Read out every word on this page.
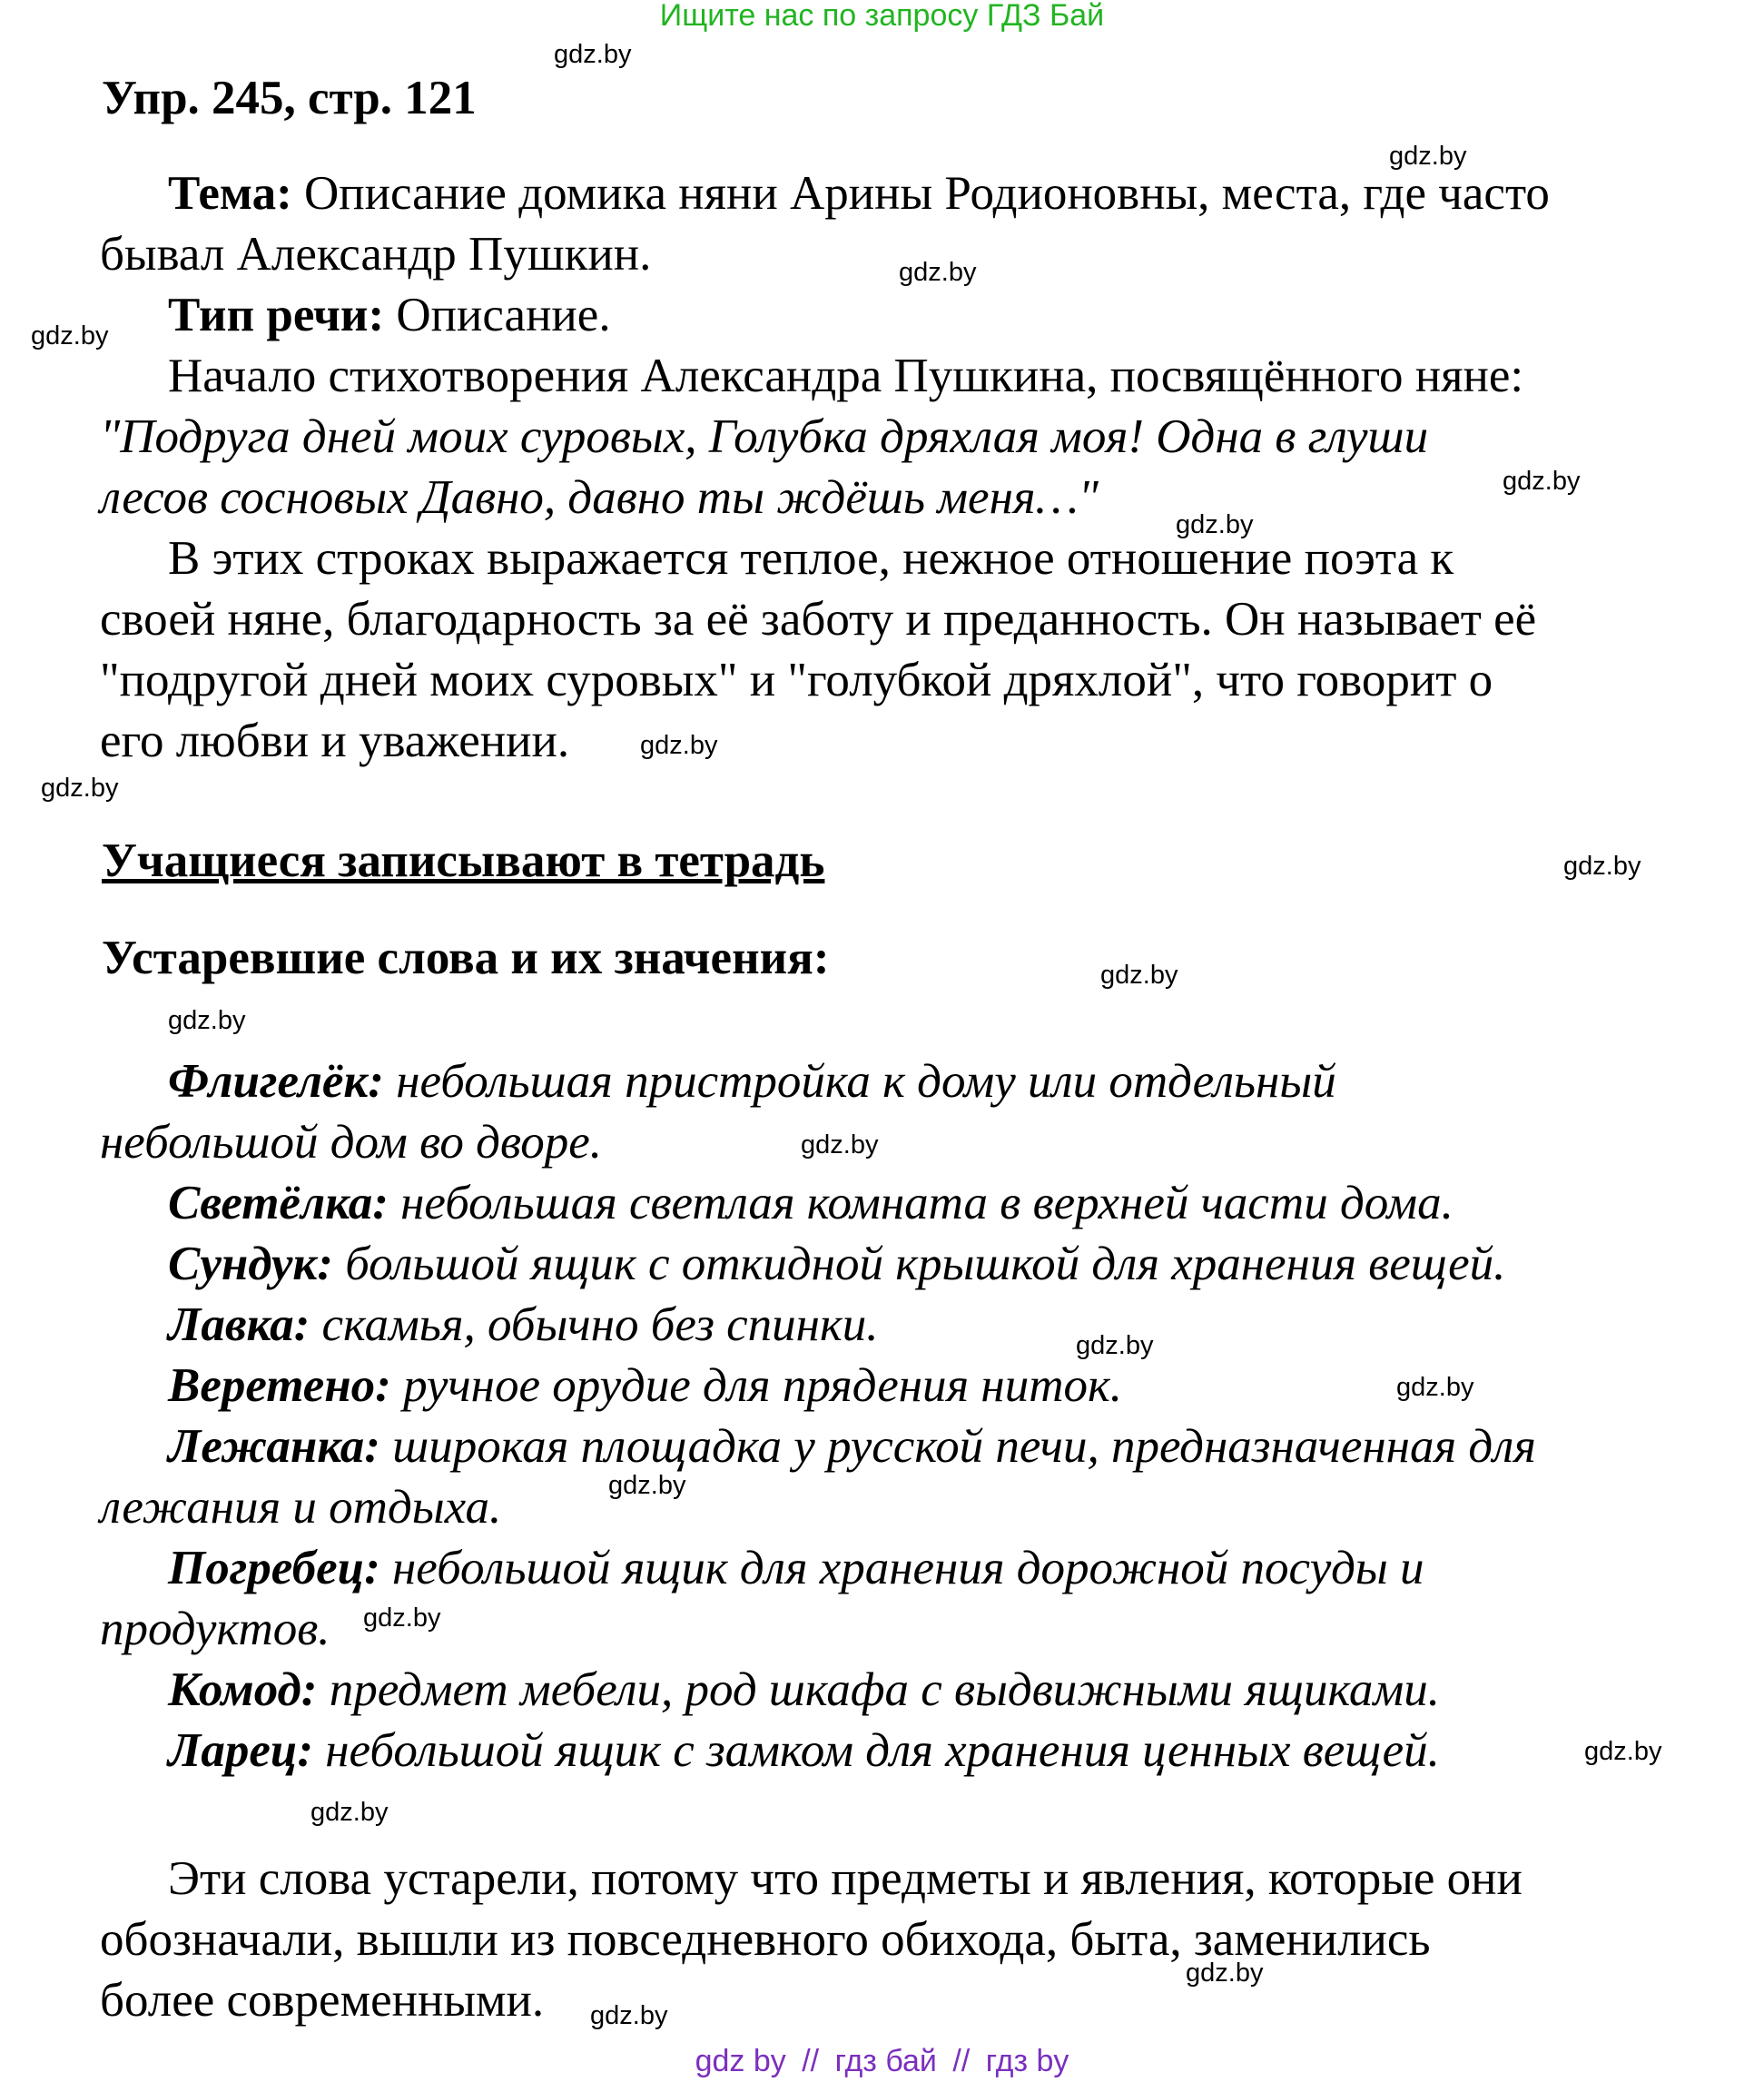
Ищите нас по запросу ГДЗ Бай
Упр. 245, стр. 121
Тема: Описание домика няни Арины Родионовны, места, где часто
бывал Александр Пушкин.
Тип речи: Описание.
Начало стихотворения Александра Пушкина, посвящённого няне:
"Подруга дней моих суровых, Голубка дряхлая моя! Одна в глуши
лесов сосновых Давно, давно ты ждёшь меня…"
В этих строках выражается теплое, нежное отношение поэта к
своей няне, благодарность за её заботу и преданность. Он называет её
"подругой дней моих суровых" и "голубкой дряхлой", что говорит о
его любви и уважении.
Учащиеся записывают в тетрадь
Устаревшие слова и их значения:
Флигелёк: небольшая пристройка к дому или отдельный
небольшой дом во дворе.
Светёлка: небольшая светлая комната в верхней части дома.
Сундук: большой ящик с откидной крышкой для хранения вещей.
Лавка: скамья, обычно без спинки.
Веретено: ручное орудие для прядения ниток.
Лежанка: широкая площадка у русской печи, предназначенная для
лежания и отдыха.
Погребец: небольшой ящик для хранения дорожной посуды и
продуктов.
Комод: предмет мебели, род шкафа с выдвижными ящиками.
Ларец: небольшой ящик с замком для хранения ценных вещей.
Эти слова устарели, потому что предметы и явления, которые они
обозначали, вышли из повседневного обихода, быта, заменились
более современными.
gdz.by
gdz.by
gdz.by
gdz.by
gdz.by
gdz.by
gdz.by
gdz.by
gdz.by
gdz.by
gdz.by
gdz.by
gdz.by
gdz.by
gdz.by
gdz.by
gdz.by
gdz.by
gdz.by
gdz.by
gdz by // гдз бай // гдз by
